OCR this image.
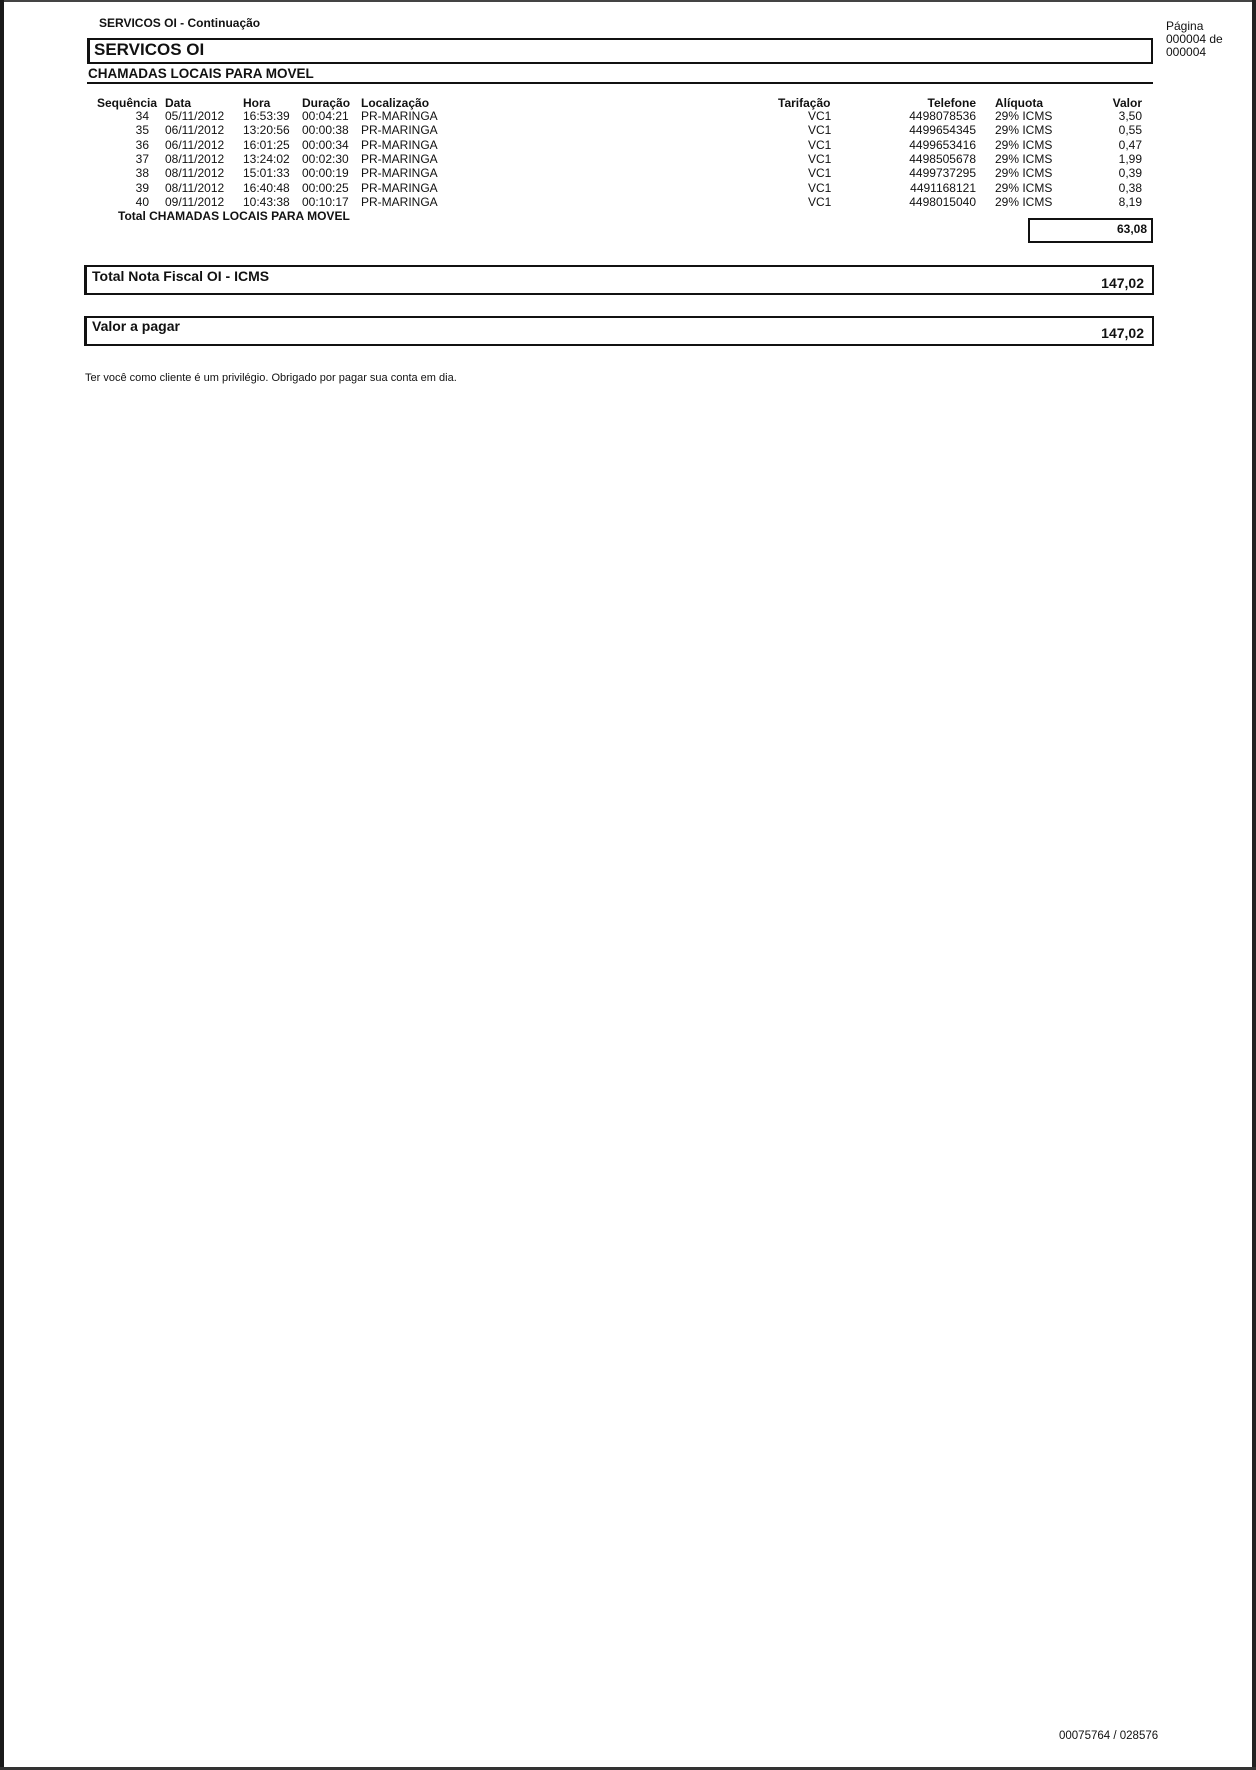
SERVICOS OI - Continuação	Página
000004 de
000004
SERVICOS OI
CHAMADAS LOCAIS PARA MOVEL
Sequência Data	Hora	Duração Localização	Tarifação	Telefone Alíquota	Valor
34 05/11/2012 16:53:39 00:04:21 PR-MARINGA	VC1	4498078536 29% ICMS	3,50
35 06/11/2012 13:20:56 00:00:38 PR-MARINGA	VC1	4499654345 29% ICMS	0,55
36 06/11/2012 16:01:25 00:00:34 PR-MARINGA	VC1	4499653416 29% ICMS	0,47
37 08/11/2012 13:24:02 00:02:30 PR-MARINGA	VC1	4498505678 29% ICMS	1,99
38 08/11/2012 15:01:33 00:00:19 PR-MARINGA	VC1	4499737295 29% ICMS	0,39
39 08/11/2012 16:40:48 00:00:25 PR-MARINGA	VC1	4491168121 29% ICMS	0,38
40 09/11/2012 10:43:38 00:10:17 PR-MARINGA	VC1	4498015040 29% ICMS	8,19
Total CHAMADAS LOCAIS PARA MOVEL
63,08
Total Nota Fiscal OI - ICMS	147,02
Valor a pagar	147,02
Ter você como cliente é um privilégio. Obrigado por pagar sua conta em dia.
00075764 / 028576
